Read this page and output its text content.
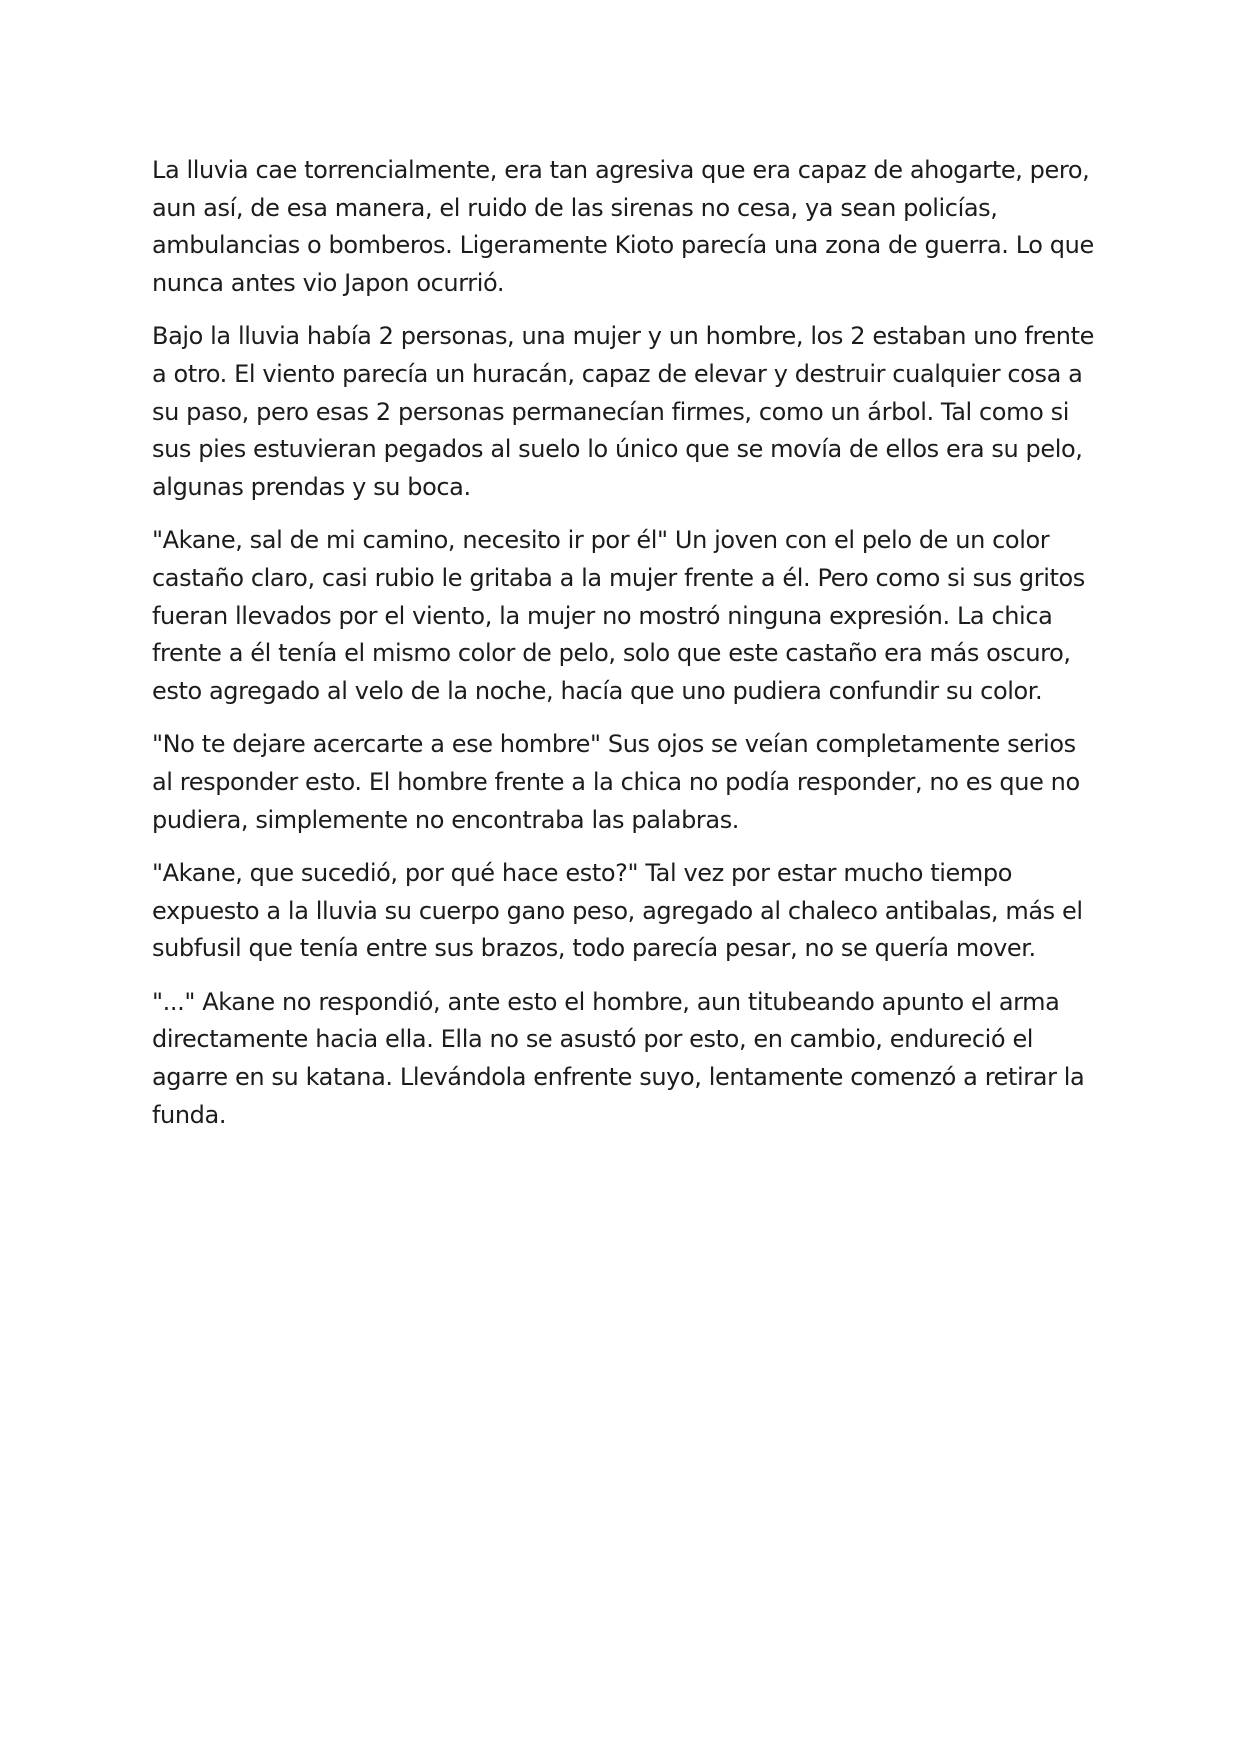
La lluvia cae torrencialmente, era tan agresiva que era capaz de ahogarte, pero, aun así, de esa manera, el ruido de las sirenas no cesa, ya sean policías, ambulancias o bomberos. Ligeramente Kioto parecía una zona de guerra. Lo que nunca antes vio Japon ocurrió.

Bajo la lluvia había 2 personas, una mujer y un hombre, los 2 estaban uno frente a otro. El viento parecía un huracán, capaz de elevar y destruir cualquier cosa a su paso, pero esas 2 personas permanecían firmes, como un árbol. Tal como si sus pies estuvieran pegados al suelo lo único que se movía de ellos era su pelo, algunas prendas y su boca.

"Akane, sal de mi camino, necesito ir por él" Un joven con el pelo de un color castaño claro, casi rubio le gritaba a la mujer frente a él. Pero como si sus gritos fueran llevados por el viento, la mujer no mostró ninguna expresión. La chica frente a él tenía el mismo color de pelo, solo que este castaño era más oscuro, esto agregado al velo de la noche, hacía que uno pudiera confundir su color.

"No te dejare acercarte a ese hombre" Sus ojos se veían completamente serios al responder esto. El hombre frente a la chica no podía responder, no es que no pudiera, simplemente no encontraba las palabras.

"Akane, que sucedió, por qué hace esto?" Tal vez por estar mucho tiempo expuesto a la lluvia su cuerpo gano peso, agregado al chaleco antibalas, más el subfusil que tenía entre sus brazos, todo parecía pesar, no se quería mover.

"..." Akane no respondió, ante esto el hombre, aun titubeando apunto el arma directamente hacia ella. Ella no se asustó por esto, en cambio, endureció el agarre en su katana. Llevándola enfrente suyo, lentamente comenzó a retirar la funda.
